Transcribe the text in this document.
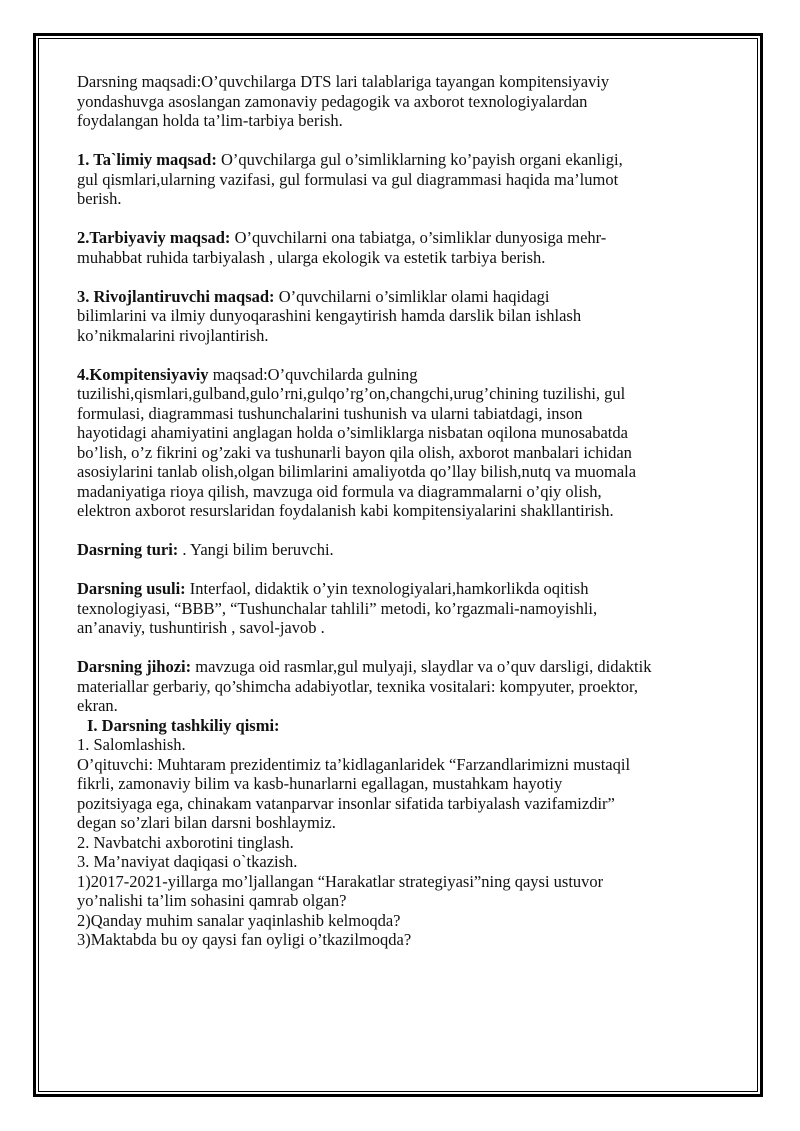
Darsning maqsadi:O’quvchilarga DTS lari talablariga tayangan kompitensiyaviy
yondashuvga asoslangan zamonaviy pedagogik va axborot texnologiyalardan
foydalangan holda ta’lim-tarbiya berish.

1. Ta`limiy maqsad: O’quvchilarga gul o’simliklarning ko’payish organi ekanligi,
gul qismlari,ularning vazifasi, gul formulasi va gul diagrammasi haqida ma’lumot
berish.

2.Tarbiyaviy maqsad: O’quvchilarni ona tabiatga, o’simliklar dunyosiga mehr-
muhabbat ruhida tarbiyalash , ularga ekologik va estetik tarbiya berish.

3. Rivojlantiruvchi maqsad: O’quvchilarni o’simliklar olami haqidagi
bilimlarini va ilmiy dunyoqarashini kengaytirish hamda darslik bilan ishlash
ko’nikmalarini rivojlantirish.

4.Kompitensiyaviy maqsad:O’quvchilarda gulning
tuzilishi,qismlari,gulband,gulo’rni,gulqo’rg’on,changchi,urug’chining tuzilishi, gul
formulasi, diagrammasi tushunchalarini tushunish va ularni tabiatdagi, inson
hayotidagi ahamiyatini anglagan holda o’simliklarga nisbatan oqilona munosabatda
bo’lish, o’z fikrini og’zaki va tushunarli bayon qila olish, axborot manbalari ichidan
asosiylarini tanlab olish,olgan bilimlarini amaliyotda qo’llay bilish,nutq va muomala
madaniyatiga rioya qilish, mavzuga oid formula va diagrammalarni o’qiy olish,
elektron axborot resurslaridan foydalanish kabi kompitensiyalarini shakllantirish.

Dasrning turi: . Yangi bilim beruvchi.

Darsning usuli: Interfaol, didaktik o’yin texnologiyalari,hamkorlikda oqitish
texnologiyasi, “BBB”, “Tushunchalar tahlili” metodi, ko’rgazmali-namoyishli,
an’anaviy, tushuntirish , savol-javob .

Darsning jihozi: mavzuga oid rasmlar,gul mulyaji, slaydlar va o’quv darsligi, didaktik
materiallar gerbariy, qo’shimcha adabiyotlar, texnika vositalari: kompyuter, proektor,
ekran.

I. Darsning tashkiliy qismi:

1. Salomlashish.

O’qituvchi: Muhtaram prezidentimiz ta’kidlaganlaridek “Farzandlarimizni mustaqil
fikrli, zamonaviy bilim va kasb-hunarlarni egallagan, mustahkam hayotiy
pozitsiyaga ega, chinakam vatanparvar insonlar sifatida tarbiyalash vazifamizdir”
degan so’zlari bilan darsni boshlaymiz.

2. Navbatchi axborotini tinglash.

3. Ma’naviyat daqiqasi o`tkazish.

1)2017-2021-yillarga mo’ljallangan “Harakatlar strategiyasi”ning qaysi ustuvor
yo’nalishi ta’lim sohasini qamrab olgan?
2)Qanday muhim sanalar yaqinlashib kelmoqda?
3)Maktabda bu oy qaysi fan oyligi o’tkazilmoqda?
